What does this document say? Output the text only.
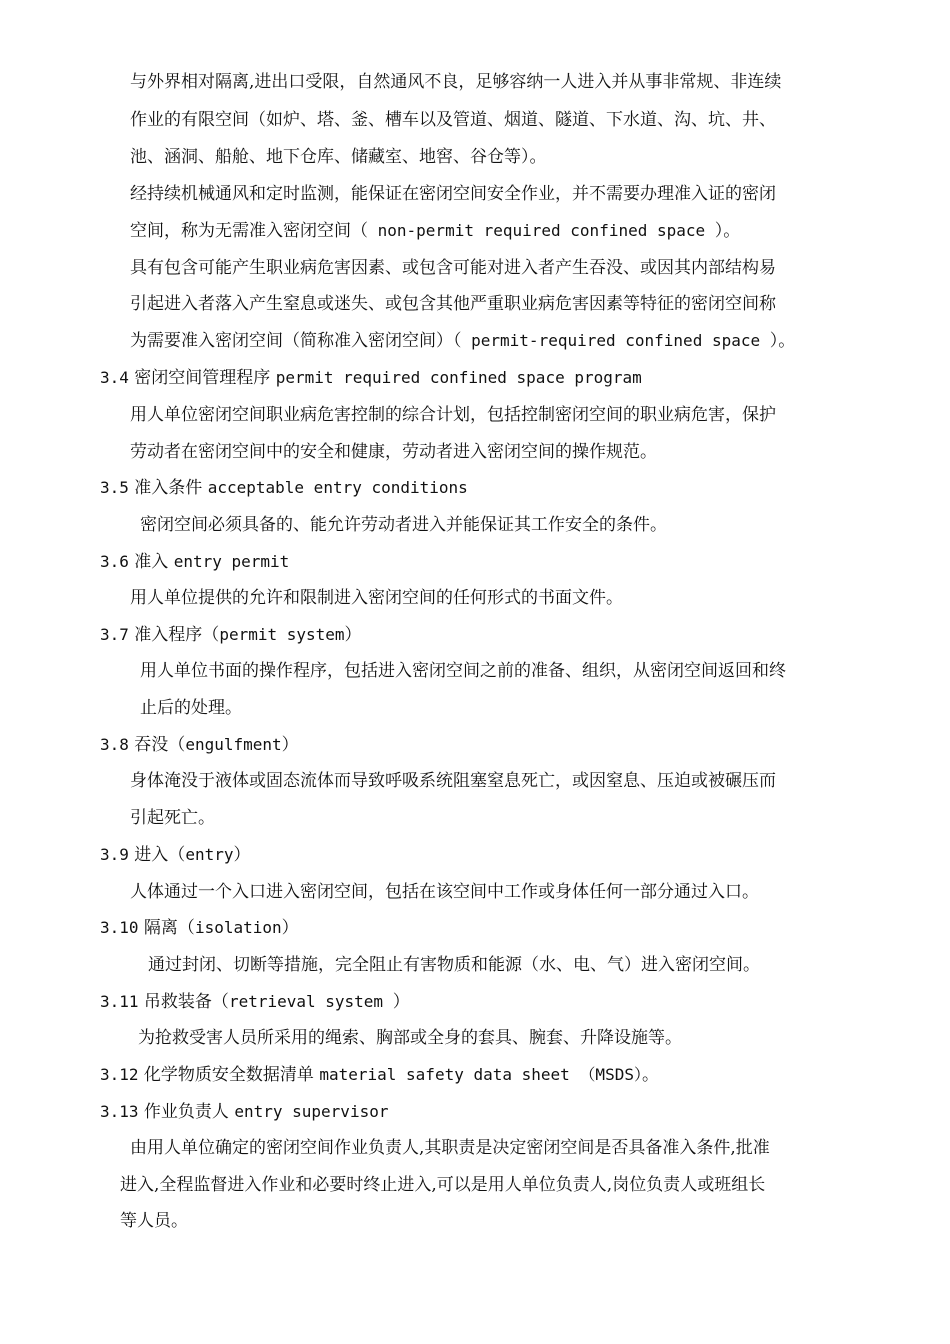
与外界相对隔离,进出口受限，自然通风不良，足够容纳一人进入并从事非常规、非连续
作业的有限空间（如炉、塔、釜、槽车以及管道、烟道、隧道、下水道、沟、坑、井、
池、涵洞、船舱、地下仓库、储藏室、地窖、谷仓等）。
经持续机械通风和定时监测，能保证在密闭空间安全作业，并不需要办理准入证的密闭
空间，称为无需准入密闭空间（ non-permit required confined space ）。
具有包含可能产生职业病危害因素、或包含可能对进入者产生吞没、或因其内部结构易
引起进入者落入产生窒息或迷失、或包含其他严重职业病危害因素等特征的密闭空间称
为需要准入密闭空间（简称准入密闭空间）（ permit-required confined space ）。
3.4 密闭空间管理程序 permit required confined space program
用人单位密闭空间职业病危害控制的综合计划，包括控制密闭空间的职业病危害，保护
劳动者在密闭空间中的安全和健康，劳动者进入密闭空间的操作规范。
3.5 准入条件 acceptable entry conditions
密闭空间必须具备的、能允许劳动者进入并能保证其工作安全的条件。
3.6 准入 entry permit
用人单位提供的允许和限制进入密闭空间的任何形式的书面文件。
3.7 准入程序（permit system）
用人单位书面的操作程序，包括进入密闭空间之前的准备、组织，从密闭空间返回和终
止后的处理。
3.8 吞没（engulfment）
身体淹没于液体或固态流体而导致呼吸系统阻塞窒息死亡，或因窒息、压迫或被碾压而
引起死亡。
3.9 进入（entry）
人体通过一个入口进入密闭空间，包括在该空间中工作或身体任何一部分通过入口。
3.10 隔离（isolation）
通过封闭、切断等措施，完全阻止有害物质和能源（水、电、气）进入密闭空间。
3.11 吊救装备（retrieval system ）
为抢救受害人员所采用的绳索、胸部或全身的套具、腕套、升降设施等。
3.12 化学物质安全数据清单 material safety data sheet （MSDS）。
3.13 作业负责人 entry supervisor
由用人单位确定的密闭空间作业负责人,其职责是决定密闭空间是否具备准入条件,批准
进入,全程监督进入作业和必要时终止进入,可以是用人单位负责人,岗位负责人或班组长
等人员。
